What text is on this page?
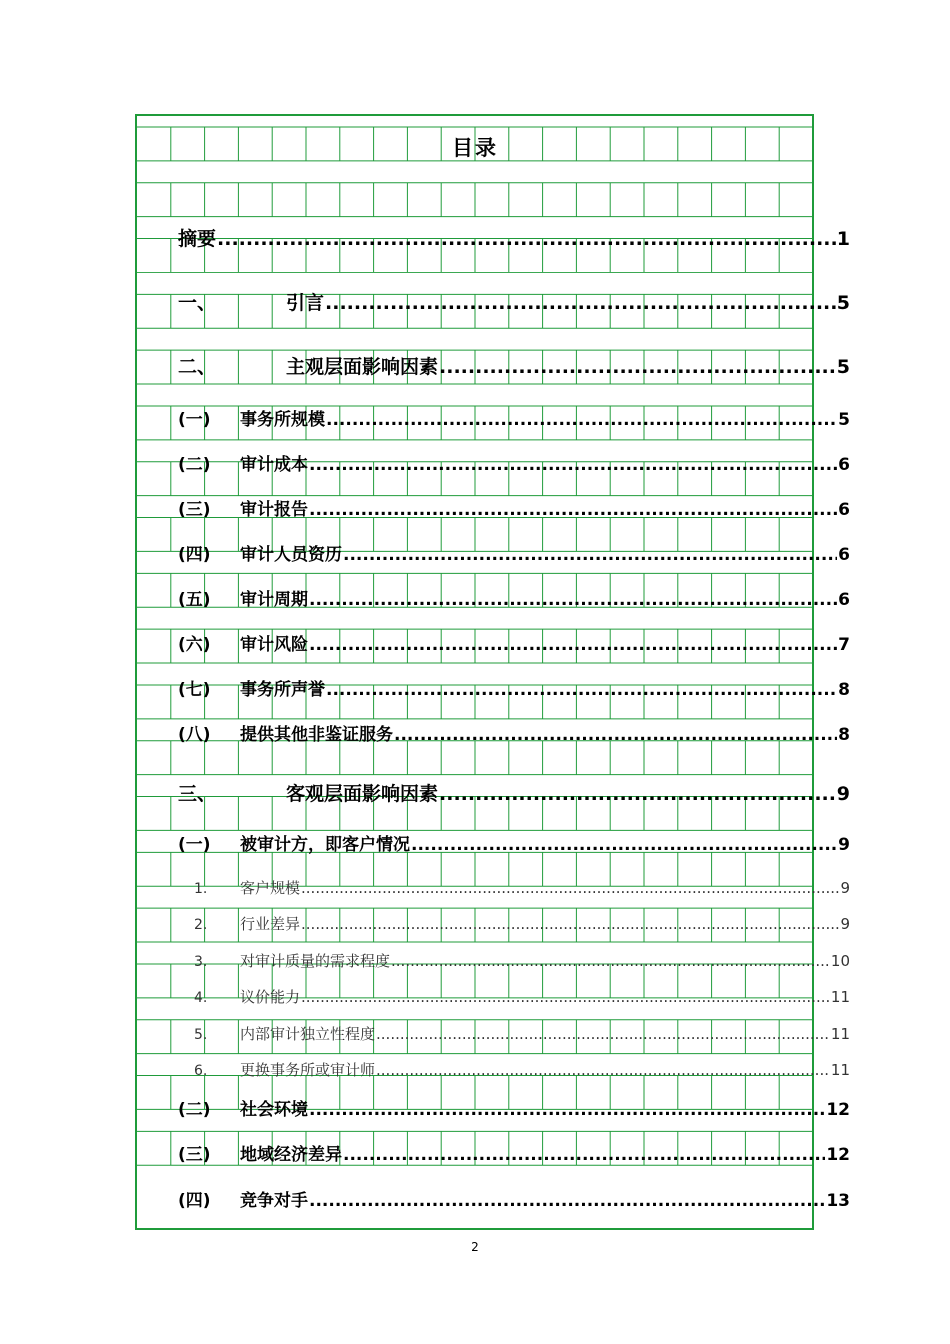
目录
摘要 .....	1
一、	引言 .....	5
二、	主观层面影响因素 .....	5
(一)	事务所规模 .....	5
(二)	审计成本 .....	6
(三)	审计报告 .....	6
(四)	审计人员资历 .....	6
(五)	审计周期 .....	6
(六)	审计风险 .....	7
(七)	事务所声誉 .....	8
(八)	提供其他非鉴证服务 .....	8
三、	客观层面影响因素 .....	9
(一)	被审计方，即客户情况 .....	9
1.	客户规模 .....	9
2.	行业差异 .....	9
3.	对审计质量的需求程度 .....	10
4.	议价能力 .....	11
5.	内部审计独立性程度 .....	11
6.	更换事务所或审计师 .....	11
(二)	社会环境 .....	12
(三)	地域经济差异 .....	12
(四)	竞争对手 .....	13
2
